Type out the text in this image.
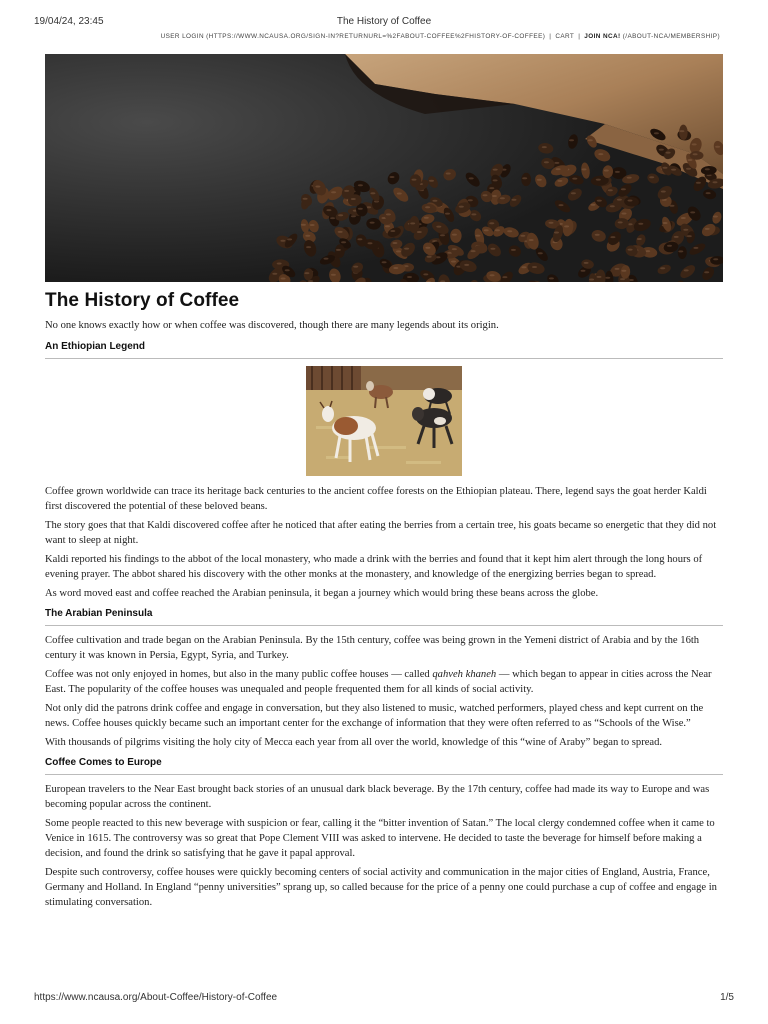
19/04/24, 23:45	The History of Coffee
USER LOGIN (HTTPS://WWW.NCAUSA.ORG/SIGN-IN?RETURNURL=%2FABOUT-COFFEE%2FHISTORY-OF-COFFEE) | CART | JOIN NCA! (/ABOUT-NCA/MEMBERSHIP)
The History of Coffee

No one knows exactly how or when coffee was discovered, though there are many legends about its origin.

An Ethiopian Legend

Coffee grown worldwide can trace its heritage back centuries to the ancient coffee forests on the Ethiopian plateau. There, legend says the goat herder Kaldi first discovered the potential of these beloved beans.

The story goes that that Kaldi discovered coffee after he noticed that after eating the berries from a certain tree, his goats became so energetic that they did not want to sleep at night.

Kaldi reported his findings to the abbot of the local monastery, who made a drink with the berries and found that it kept him alert through the long hours of evening prayer. The abbot shared his discovery with the other monks at the monastery, and knowledge of the energizing berries began to spread.

As word moved east and coffee reached the Arabian peninsula, it began a journey which would bring these beans across the globe.

The Arabian Peninsula

Coffee cultivation and trade began on the Arabian Peninsula. By the 15th century, coffee was being grown in the Yemeni district of Arabia and by the 16th century it was known in Persia, Egypt, Syria, and Turkey.

Coffee was not only enjoyed in homes, but also in the many public coffee houses — called qahveh khaneh — which began to appear in cities across the Near East. The popularity of the coffee houses was unequaled and people frequented them for all kinds of social activity.

Not only did the patrons drink coffee and engage in conversation, but they also listened to music, watched performers, played chess and kept current on the news. Coffee houses quickly became such an important center for the exchange of information that they were often referred to as “Schools of the Wise.”

With thousands of pilgrims visiting the holy city of Mecca each year from all over the world, knowledge of this “wine of Araby” began to spread.

Coffee Comes to Europe

European travelers to the Near East brought back stories of an unusual dark black beverage. By the 17th century, coffee had made its way to Europe and was becoming popular across the continent.

Some people reacted to this new beverage with suspicion or fear, calling it the “bitter invention of Satan.” The local clergy condemned coffee when it came to Venice in 1615. The controversy was so great that Pope Clement VIII was asked to intervene. He decided to taste the beverage for himself before making a decision, and found the drink so satisfying that he gave it papal approval.

Despite such controversy, coffee houses were quickly becoming centers of social activity and communication in the major cities of England, Austria, France, Germany and Holland. In England “penny universities” sprang up, so called because for the price of a penny one could purchase a cup of coffee and engage in stimulating conversation.

https://www.ncausa.org/About-Coffee/History-of-Coffee	1/5
